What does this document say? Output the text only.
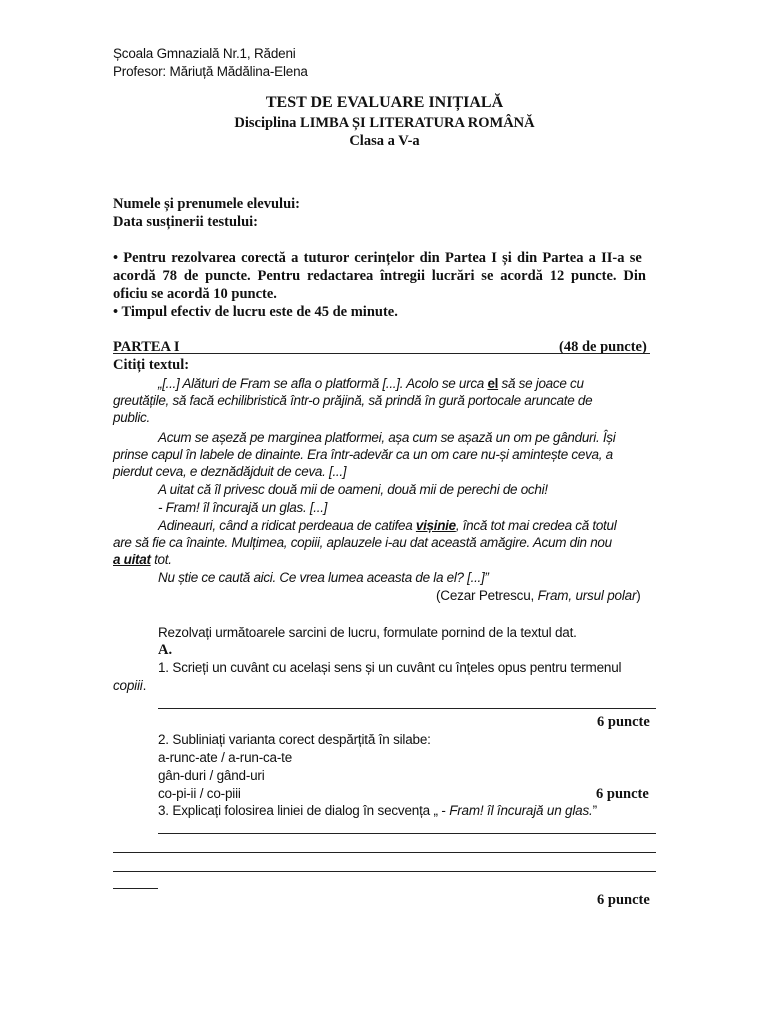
Școala Gmnazială Nr.1, Rădeni
Profesor: Măriuță Mădălina-Elena
TEST DE EVALUARE INIȚIALĂ
Disciplina LIMBA ȘI LITERATURA ROMÂNĂ
Clasa a V-a
Numele și prenumele elevului:
Data susținerii testului:
• Pentru rezolvarea corectă a tuturor cerințelor din Partea I și din Partea a II-a se
acordă 78 de puncte. Pentru redactarea întregii lucrări se acordă 12 puncte. Din
oficiu se acordă 10 puncte.
• Timpul efectiv de lucru este de 45 de minute.
PARTEA I	(48 de puncte)
Citiți textul:
„[...] Alături de Fram se afla o platformă [...]. Acolo se urca el să se joace cu
greutățile, să facă echilibristică într-o prăjină, să prindă în gură portocale aruncate de
public.
Acum se așeză pe marginea platformei, așa cum se așază un om pe gânduri. Își
prinse capul în labele de dinainte. Era într-adevăr ca un om care nu-și amintește ceva, a
pierdut ceva, e deznădăjduit de ceva. [...]
A uitat că îl privesc două mii de oameni, două mii de perechi de ochi!
- Fram! îl încurajă un glas. [...]
Adineauri, când a ridicat perdeaua de catifea vișinie, încă tot mai credea că totul
are să fie ca înainte. Mulțimea, copiii, aplauzele i-au dat această amăgire. Acum din nou
a uitat tot.
Nu știe ce caută aici. Ce vrea lumea aceasta de la el? [...]”
(Cezar Petrescu, Fram, ursul polar)
Rezolvați următoarele sarcini de lucru, formulate pornind de la textul dat.
A.
1. Scrieți un cuvânt cu același sens și un cuvânt cu înțeles opus pentru termenul
copiii.
6 puncte
2. Subliniați varianta corect despărțită în silabe:
a-runc-ate / a-run-ca-te
gân-duri / gând-uri
co-pi-ii / co-piii	6 puncte
3. Explicați folosirea liniei de dialog în secvența „ - Fram! îl încurajă un glas.”
6 puncte
